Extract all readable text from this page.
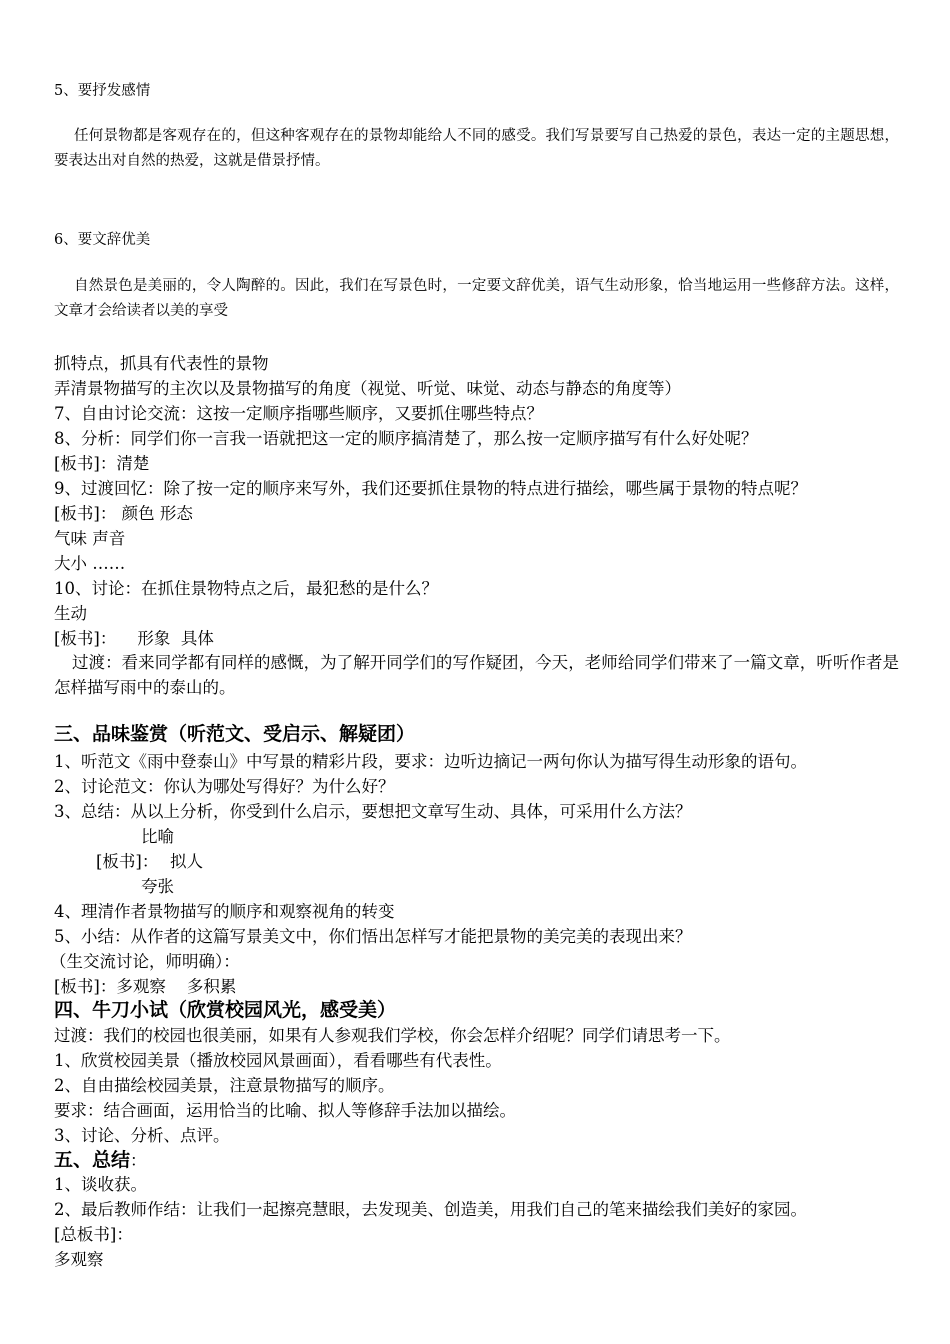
5、要抒发感情

任何景物都是客观存在的，但这种客观存在的景物却能给人不同的感受。我们写景要写自己热爱的景色，表达一定的主题思想，要表达出对自然的热爱，这就是借景抒情。

6、要文辞优美

自然景色是美丽的，令人陶醉的。因此，我们在写景色时，一定要文辞优美，语气生动形象，恰当地运用一些修辞方法。这样，文章才会给读者以美的享受

抓特点，抓具有代表性的景物

弄清景物描写的主次以及景物描写的角度（视觉、听觉、味觉、动态与静态的角度等）

7、自由讨论交流：这按一定顺序指哪些顺序，又要抓住哪些特点？

8、分析：同学们你一言我一语就把这一定的顺序搞清楚了，那么按一定顺序描写有什么好处呢？

[板书]：清楚

9、过渡回忆：除了按一定的顺序来写外，我们还要抓住景物的特点进行描绘，哪些属于景物的特点呢？

[板书]： 颜色 形态

气味 声音

大小 ……

10、讨论：在抓住景物特点之后，最犯愁的是什么？

生动

[板书]：    形象  具体

过渡：看来同学都有同样的感慨，为了解开同学们的写作疑团，今天，老师给同学们带来了一篇文章，听听作者是怎样描写雨中的泰山的。

三、品味鉴赏（听范文、受启示、解疑团）

1、听范文《雨中登泰山》中写景的精彩片段，要求：边听边摘记一两句你认为描写得生动形象的语句。

2、讨论范文：你认为哪处写得好？为什么好？

3、总结：从以上分析，你受到什么启示，要想把文章写生动、具体，可采用什么方法？

比喻

[板书]： 拟人

夸张

4、理清作者景物描写的顺序和观察视角的转变

5、小结：从作者的这篇写景美文中，你们悟出怎样写才能把景物的美完美的表现出来？

（生交流讨论，师明确）：

[板书]：多观察    多积累

四、牛刀小试（欣赏校园风光，感受美）

过渡：我们的校园也很美丽，如果有人参观我们学校，你会怎样介绍呢？同学们请思考一下。

1、欣赏校园美景（播放校园风景画面），看看哪些有代表性。

2、自由描绘校园美景，注意景物描写的顺序。

要求：结合画面，运用恰当的比喻、拟人等修辞手法加以描绘。

3、讨论、分析、点评。

五、总结：

1、谈收获。

2、最后教师作结：让我们一起擦亮慧眼，去发现美、创造美，用我们自己的笔来描绘我们美好的家园。

[总板书]：

多观察
